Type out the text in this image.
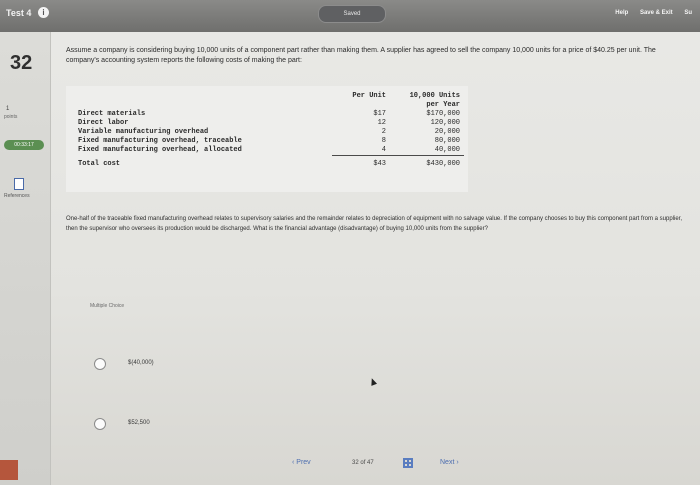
Test 4	i	Saved	Help Save & Exit Su
32
1
points
00:33:17
References
Assume a company is considering buying 10,000 units of a component part rather than making them. A supplier has agreed to sell the company 10,000 units for a price of $40.25 per unit. The company's accounting system reports the following costs of making the part:
	Per Unit	10,000 Units
		per Year
Direct materials	$17	$170,000
Direct labor	12	120,000
Variable manufacturing overhead	2	20,000
Fixed manufacturing overhead, traceable	8	80,000
Fixed manufacturing overhead, allocated	4	40,000
Total cost	$43	$430,000
One-half of the traceable fixed manufacturing overhead relates to supervisory salaries and the remainder relates to depreciation of equipment with no salvage value. If the company chooses to buy this component part from a supplier, then the supervisor who oversees its production would be discharged. What is the financial advantage (disadvantage) of buying 10,000 units from the supplier?
Multiple Choice
$(40,000)
$52,500
‹ Prev	32 of 47	Next ›
